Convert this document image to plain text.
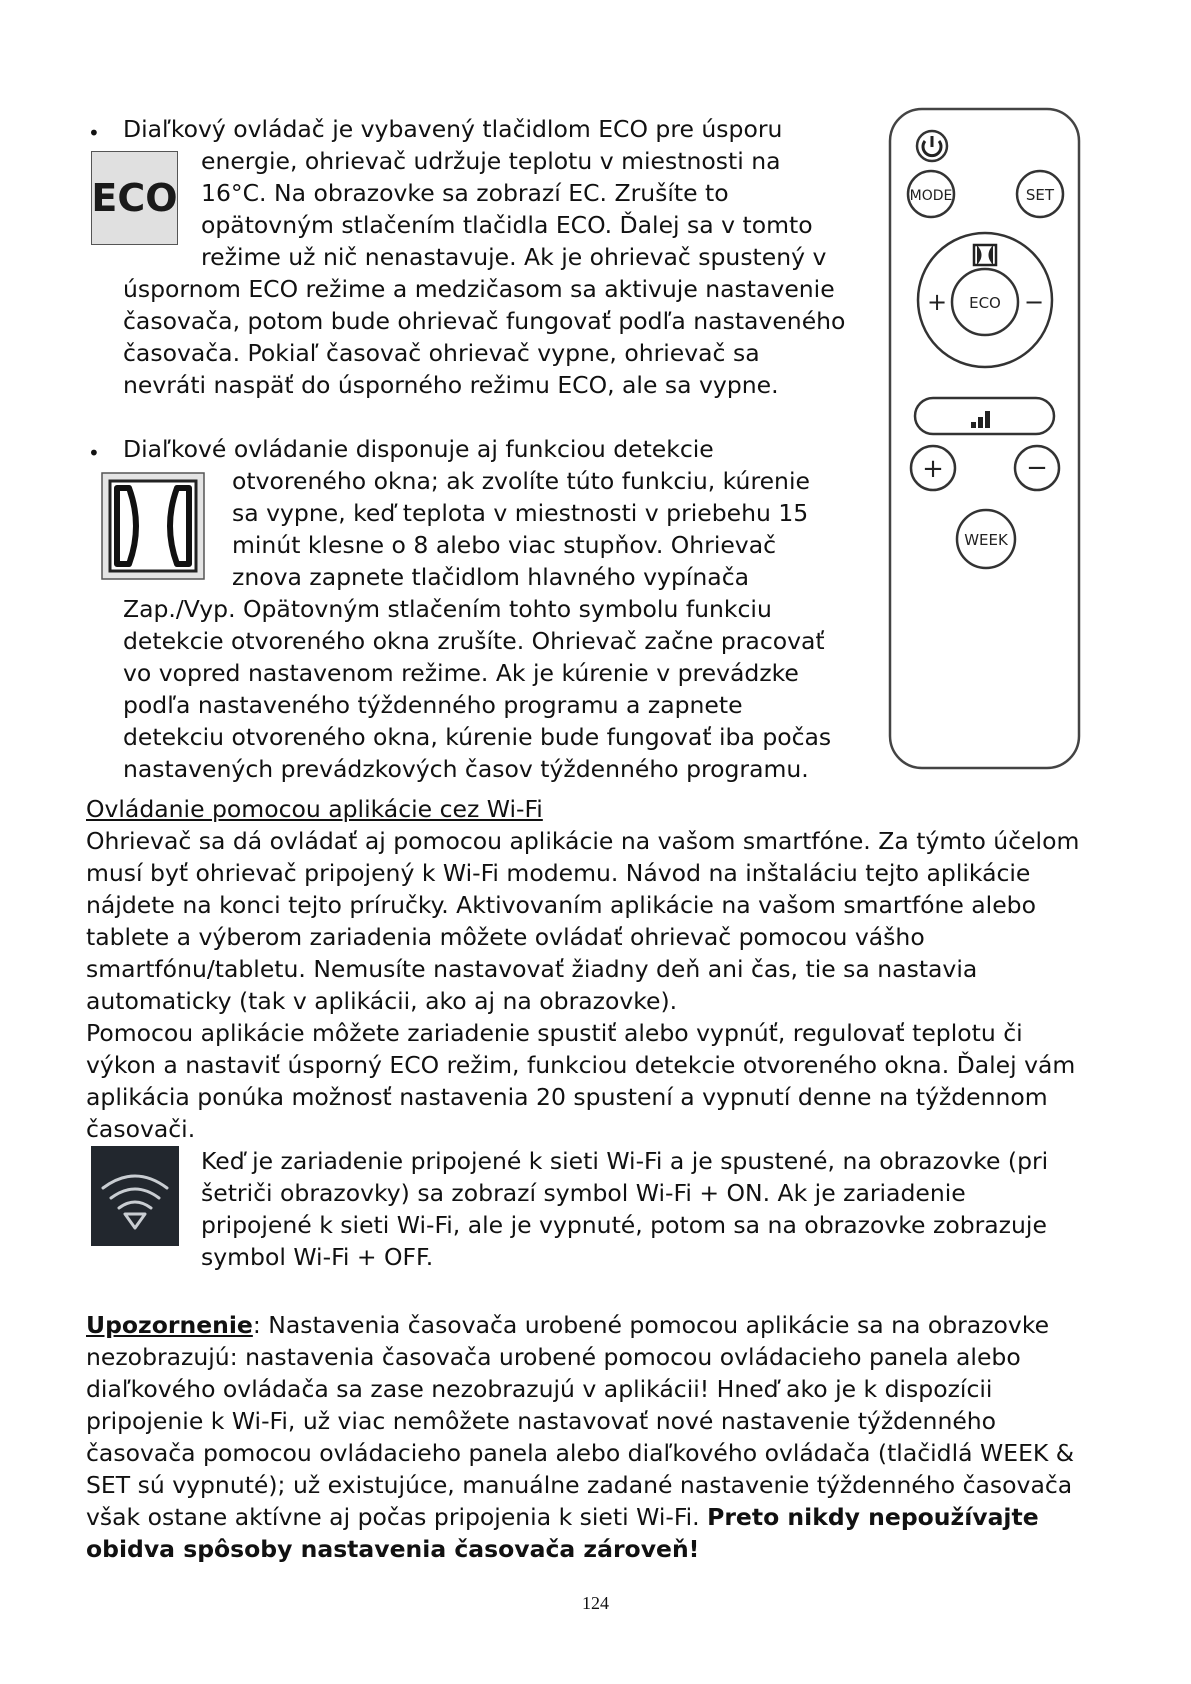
• Diaľkový ovládač je vybavený tlačidlom ECO pre úsporu
energie, ohrievač udržuje teplotu v miestnosti na
16°C. Na obrazovke sa zobrazí EC. Zrušíte to
opätovným stlačením tlačidla ECO. Ďalej sa v tomto
režime už nič nenastavuje. Ak je ohrievač spustený v
úspornom ECO režime a medzičasom sa aktivuje nastavenie
časovača, potom bude ohrievač fungovať podľa nastaveného
časovača. Pokiaľ časovač ohrievač vypne, ohrievač sa
nevráti naspäť do úsporného režimu ECO, ale sa vypne.
ECO
• Diaľkové ovládanie disponuje aj funkciou detekcie
otvoreného okna; ak zvolíte túto funkciu, kúrenie
sa vypne, keď teplota v miestnosti v priebehu 15
minút klesne o 8 alebo viac stupňov. Ohrievač
znova zapnete tlačidlom hlavného vypínača
Zap./Vyp. Opätovným stlačením tohto symbolu funkciu
detekcie otvoreného okna zrušíte. Ohrievač začne pracovať
vo vopred nastavenom režime. Ak je kúrenie v prevádzke
podľa nastaveného týždenného programu a zapnete
detekciu otvoreného okna, kúrenie bude fungovať iba počas
nastavených prevádzkových časov týždenného programu.
MODE	SET
ECO
+	−
+	−
WEEK
Ovládanie pomocou aplikácie cez Wi-Fi
Ohrievač sa dá ovládať aj pomocou aplikácie na vašom smartfóne. Za týmto účelom
musí byť ohrievač pripojený k Wi-Fi modemu. Návod na inštaláciu tejto aplikácie
nájdete na konci tejto príručky. Aktivovaním aplikácie na vašom smartfóne alebo
tablete a výberom zariadenia môžete ovládať ohrievač pomocou vášho
smartfónu/tabletu. Nemusíte nastavovať žiadny deň ani čas, tie sa nastavia
automaticky (tak v aplikácii, ako aj na obrazovke).
Pomocou aplikácie môžete zariadenie spustiť alebo vypnúť, regulovať teplotu či
výkon a nastaviť úsporný ECO režim, funkciou detekcie otvoreného okna. Ďalej vám
aplikácia ponúka možnosť nastavenia 20 spustení a vypnutí denne na týždennom
časovači.
Keď je zariadenie pripojené k sieti Wi-Fi a je spustené, na obrazovke (pri
šetriči obrazovky) sa zobrazí symbol Wi-Fi + ON. Ak je zariadenie
pripojené k sieti Wi-Fi, ale je vypnuté, potom sa na obrazovke zobrazuje
symbol Wi-Fi + OFF.
Upozornenie: Nastavenia časovača urobené pomocou aplikácie sa na obrazovke
nezobrazujú: nastavenia časovača urobené pomocou ovládacieho panela alebo
diaľkového ovládača sa zase nezobrazujú v aplikácii! Hneď ako je k dispozícii
pripojenie k Wi-Fi, už viac nemôžete nastavovať nové nastavenie týždenného
časovača pomocou ovládacieho panela alebo diaľkového ovládača (tlačidlá WEEK &
SET sú vypnuté); už existujúce, manuálne zadané nastavenie týždenného časovača
však ostane aktívne aj počas pripojenia k sieti Wi-Fi. Preto nikdy nepoužívajte
obidva spôsoby nastavenia časovača zároveň!
124
